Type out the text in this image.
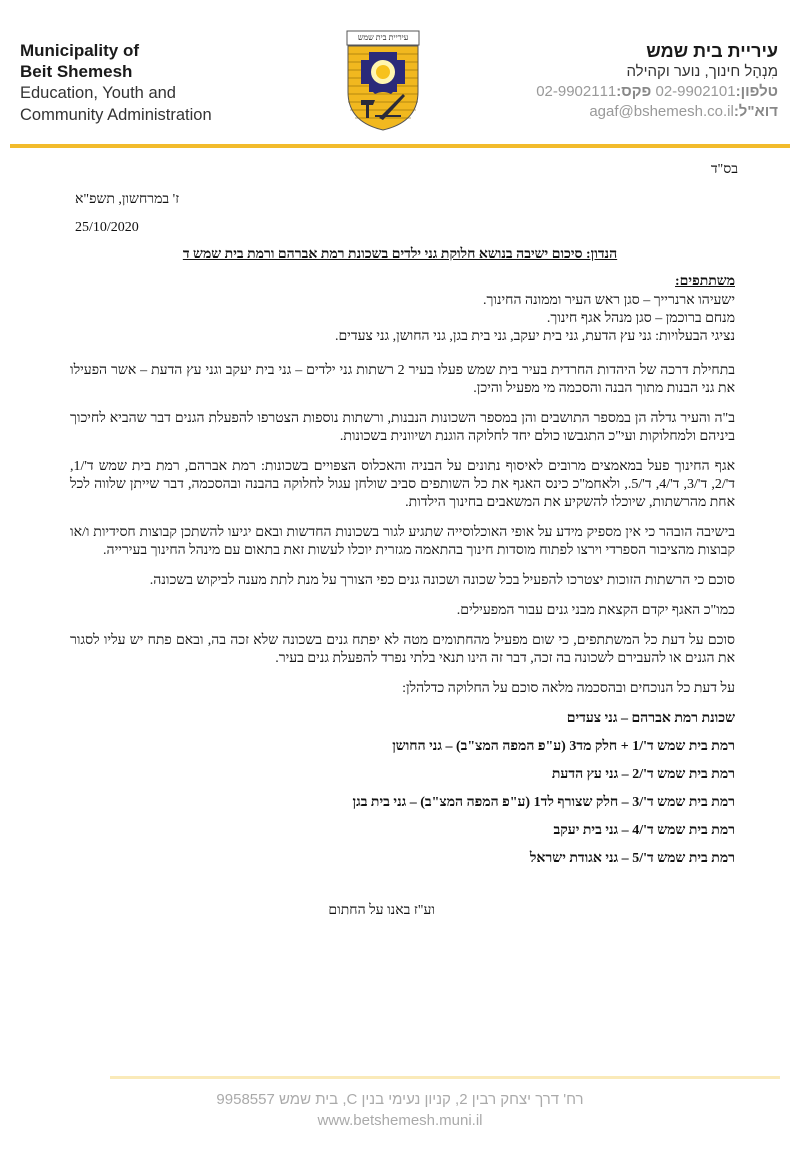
Municipality of
Beit Shemesh
Education, Youth and
Community Administration
עיריית בית שמש
עיריית בית שמש
מִנְהָל חינוך, נוער וקהילה
טלפון:02-9902101 פקס:02-9902111
דוא"ל:agaf@bshemesh.co.il
בס"ד
ז' במרחשון, תשפ"א
25/10/2020
הנדון: סיכום ישיבה בנושא חלוקת גני ילדים בשכונת רמת אברהם ורמת בית שמש ד
משתתפים:
ישעיהו ארנרייך – סגן ראש העיר וממונה החינוך.
מנחם ברוכמן – סגן מנהל אגף חינוך.
נציגי הבעלויות: גני עץ הדעת, גני בית יעקב, גני בית בגן, גני החושן, גני צעדים.
בתחילת דרכה של היהדות החרדית בעיר בית שמש פעלו בעיר 2 רשתות גני ילדים – גני בית יעקב וגני עץ הדעת – אשר הפעילו את גני הבנות מתוך הבנה והסכמה מי מפעיל והיכן.
ב"ה והעיר גדלה הן במספר התושבים והן במספר השכונות הנבנות, ורשתות נוספות הצטרפו להפעלת הגנים דבר שהביא לחיכוך ביניהם ולמחלוקות ועי"כ התגבשו כולם יחד לחלוקה הוגנת ושיוונית בשכונות.
אגף החינוך פעל במאמצים מרובים לאיסוף נתונים על הבניה והאכלוס הצפויים בשכונות: רמת אברהם, רמת בית שמש ד'/1, ד'/2, ד'/3, ד'/4, ד'/5., ולאחמ"כ כינס האגף את כל השותפים סביב שולחן עגול לחלוקה בהבנה ובהסכמה, דבר שייתן שלווה לכל אחת מהרשתות, שיוכלו להשקיע את המשאבים בחינוך הילדות.
בישיבה הובהר כי אין מספיק מידע על אופי האוכלוסייה שתגיע לגור בשכונות החדשות ובאם יגיעו להשתכן קבוצות חסידיות ו/או קבוצות מהציבור הספרדי וירצו לפתוח מוסדות חינוך בהתאמה מגזרית יוכלו לעשות זאת בתאום עם מינהל החינוך בעירייה.
סוכם כי הרשתות הזוכות יצטרכו להפעיל בכל שכונה ושכונה גנים כפי הצורך על מנת לתת מענה לביקוש בשכונה.
כמו"כ האגף יקדם הקצאת מבני גנים עבור המפעילים.
סוכם על דעת כל המשתתפים, כי שום מפעיל מהחתומים מטה לא יפתח גנים בשכונה שלא זכה בה, ובאם פתח יש עליו לסגור את הגנים או להעבירם לשכונה בה זכה, דבר זה הינו תנאי בלתי נפרד להפעלת גנים בעיר.
על דעת כל הנוכחים ובהסכמה מלאה סוכם על החלוקה כדלהלן:
שכונת רמת אברהם – גני צעדים
רמת בית שמש ד'/1 + חלק מד3 (ע"פ המפה המצ"ב) – גני החושן
רמת בית שמש ד'/2 – גני עץ הדעת
רמת בית שמש ד'/3 – חלק שצורף לד1 (ע"פ המפה המצ"ב) – גני בית בגן
רמת בית שמש ד'/4 – גני בית יעקב
רמת בית שמש ד'/5 – גני אגודת ישראל
וע"ז באנו על החתום
רח' דרך יצחק רבין 2, קניון נעימי בנין C, בית שמש 9958557
www.betshemesh.muni.il
